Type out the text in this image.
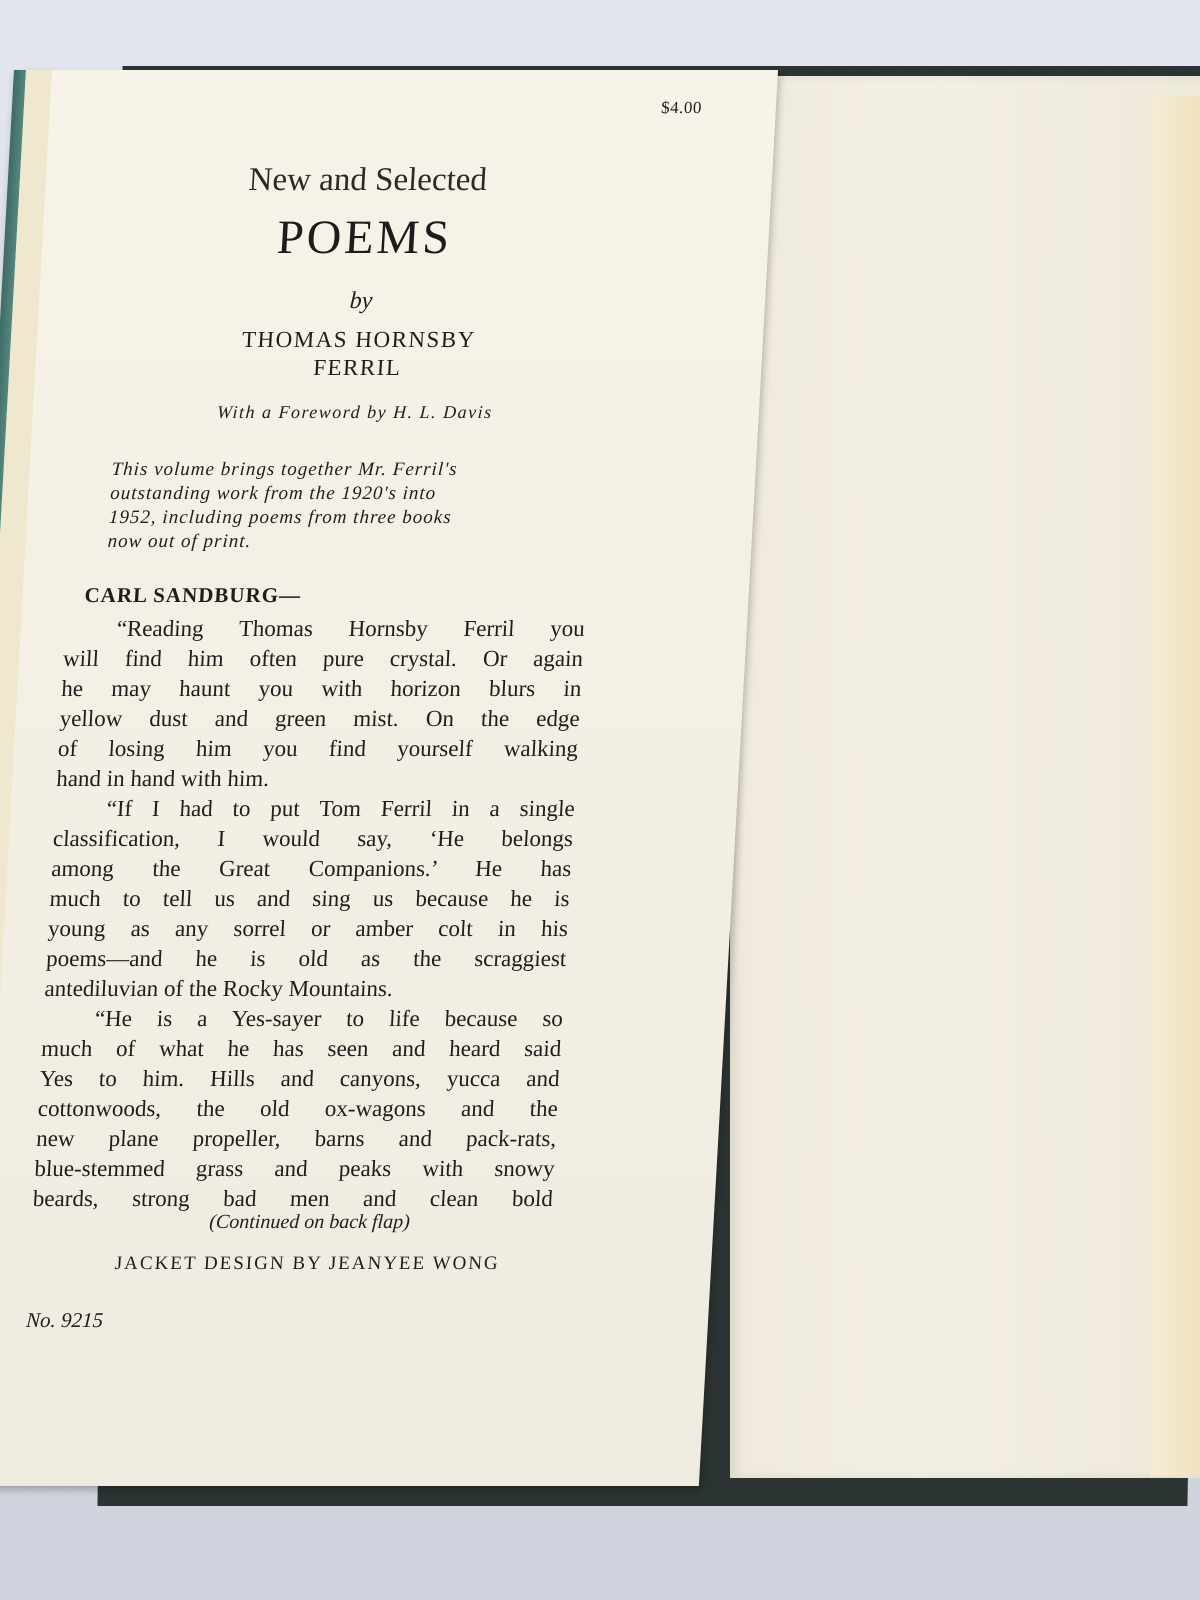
$4.00
New and Selected
POEMS
by
THOMAS HORNSBY
FERRIL
With a Foreword by H. L. Davis
This volume brings together Mr. Ferril's
outstanding work from the 1920's into
1952, including poems from three books
now out of print.
CARL SANDBURG—
“Reading Thomas Hornsby Ferril you
will find him often pure crystal. Or again
he may haunt you with horizon blurs in
yellow dust and green mist. On the edge
of losing him you find yourself walking
hand in hand with him.
“If I had to put Tom Ferril in a single
classification, I would say, ‘He belongs
among the Great Companions.’ He has
much to tell us and sing us because he is
young as any sorrel or amber colt in his
poems—and he is old as the scraggiest
antediluvian of the Rocky Mountains.
“He is a Yes-sayer to life because so
much of what he has seen and heard said
Yes to him. Hills and canyons, yucca and
cottonwoods, the old ox-wagons and the
new plane propeller, barns and pack-rats,
blue-stemmed grass and peaks with snowy
beards, strong bad men and clean bold
(Continued on back flap)
JACKET DESIGN BY JEANYEE WONG
No. 9215
